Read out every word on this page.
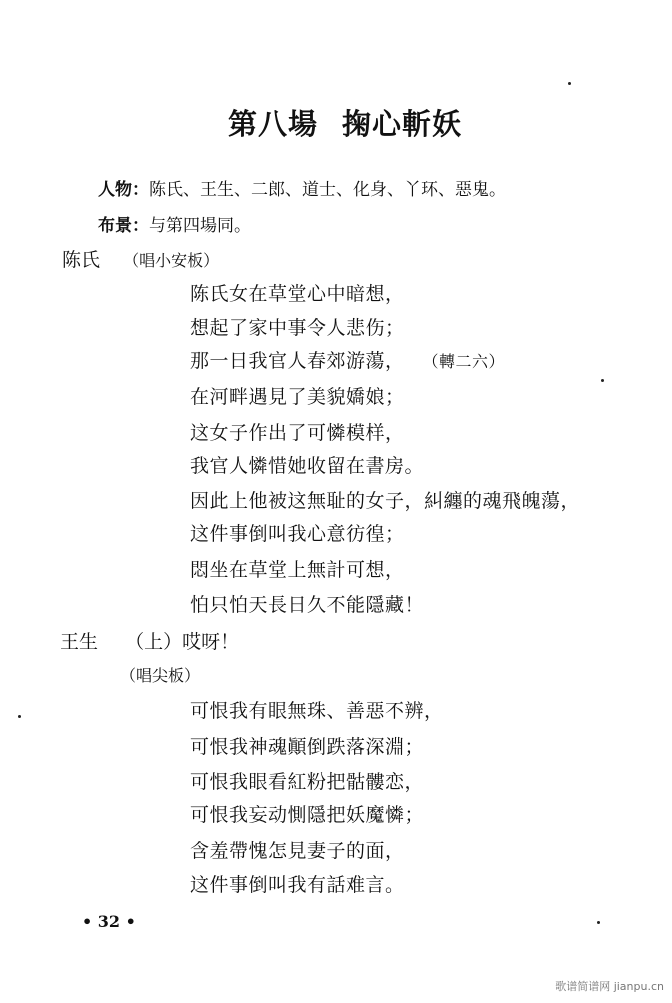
第八場 掬心斬妖
人物：陈氏、王生、二郎、道士、化身、丫环、惡鬼。
布景：与第四場同。
陈氏 （唱小安板）
陈氏女在草堂心中暗想，
想起了家中事令人悲伤；
那一日我官人春郊游蕩， （轉二六）
在河畔遇見了美貌嬌娘；
这女子作出了可憐模样，
我官人憐惜她收留在書房。
因此上他被这無耻的女子，糾纏的魂飛魄蕩，
这件事倒叫我心意彷徨；
悶坐在草堂上無計可想，
怕只怕天長日久不能隱藏！
王生 （上）哎呀！
（唱尖板）
可恨我有眼無珠、善惡不辨，
可恨我神魂顚倒跌落深淵；
可恨我眼看紅粉把骷髏恋，
可恨我妄动惻隱把妖魔憐；
含羞帶愧怎見妻子的面，
这件事倒叫我有話难言。
• 32 •
歌谱简谱网 jianpu.cn
